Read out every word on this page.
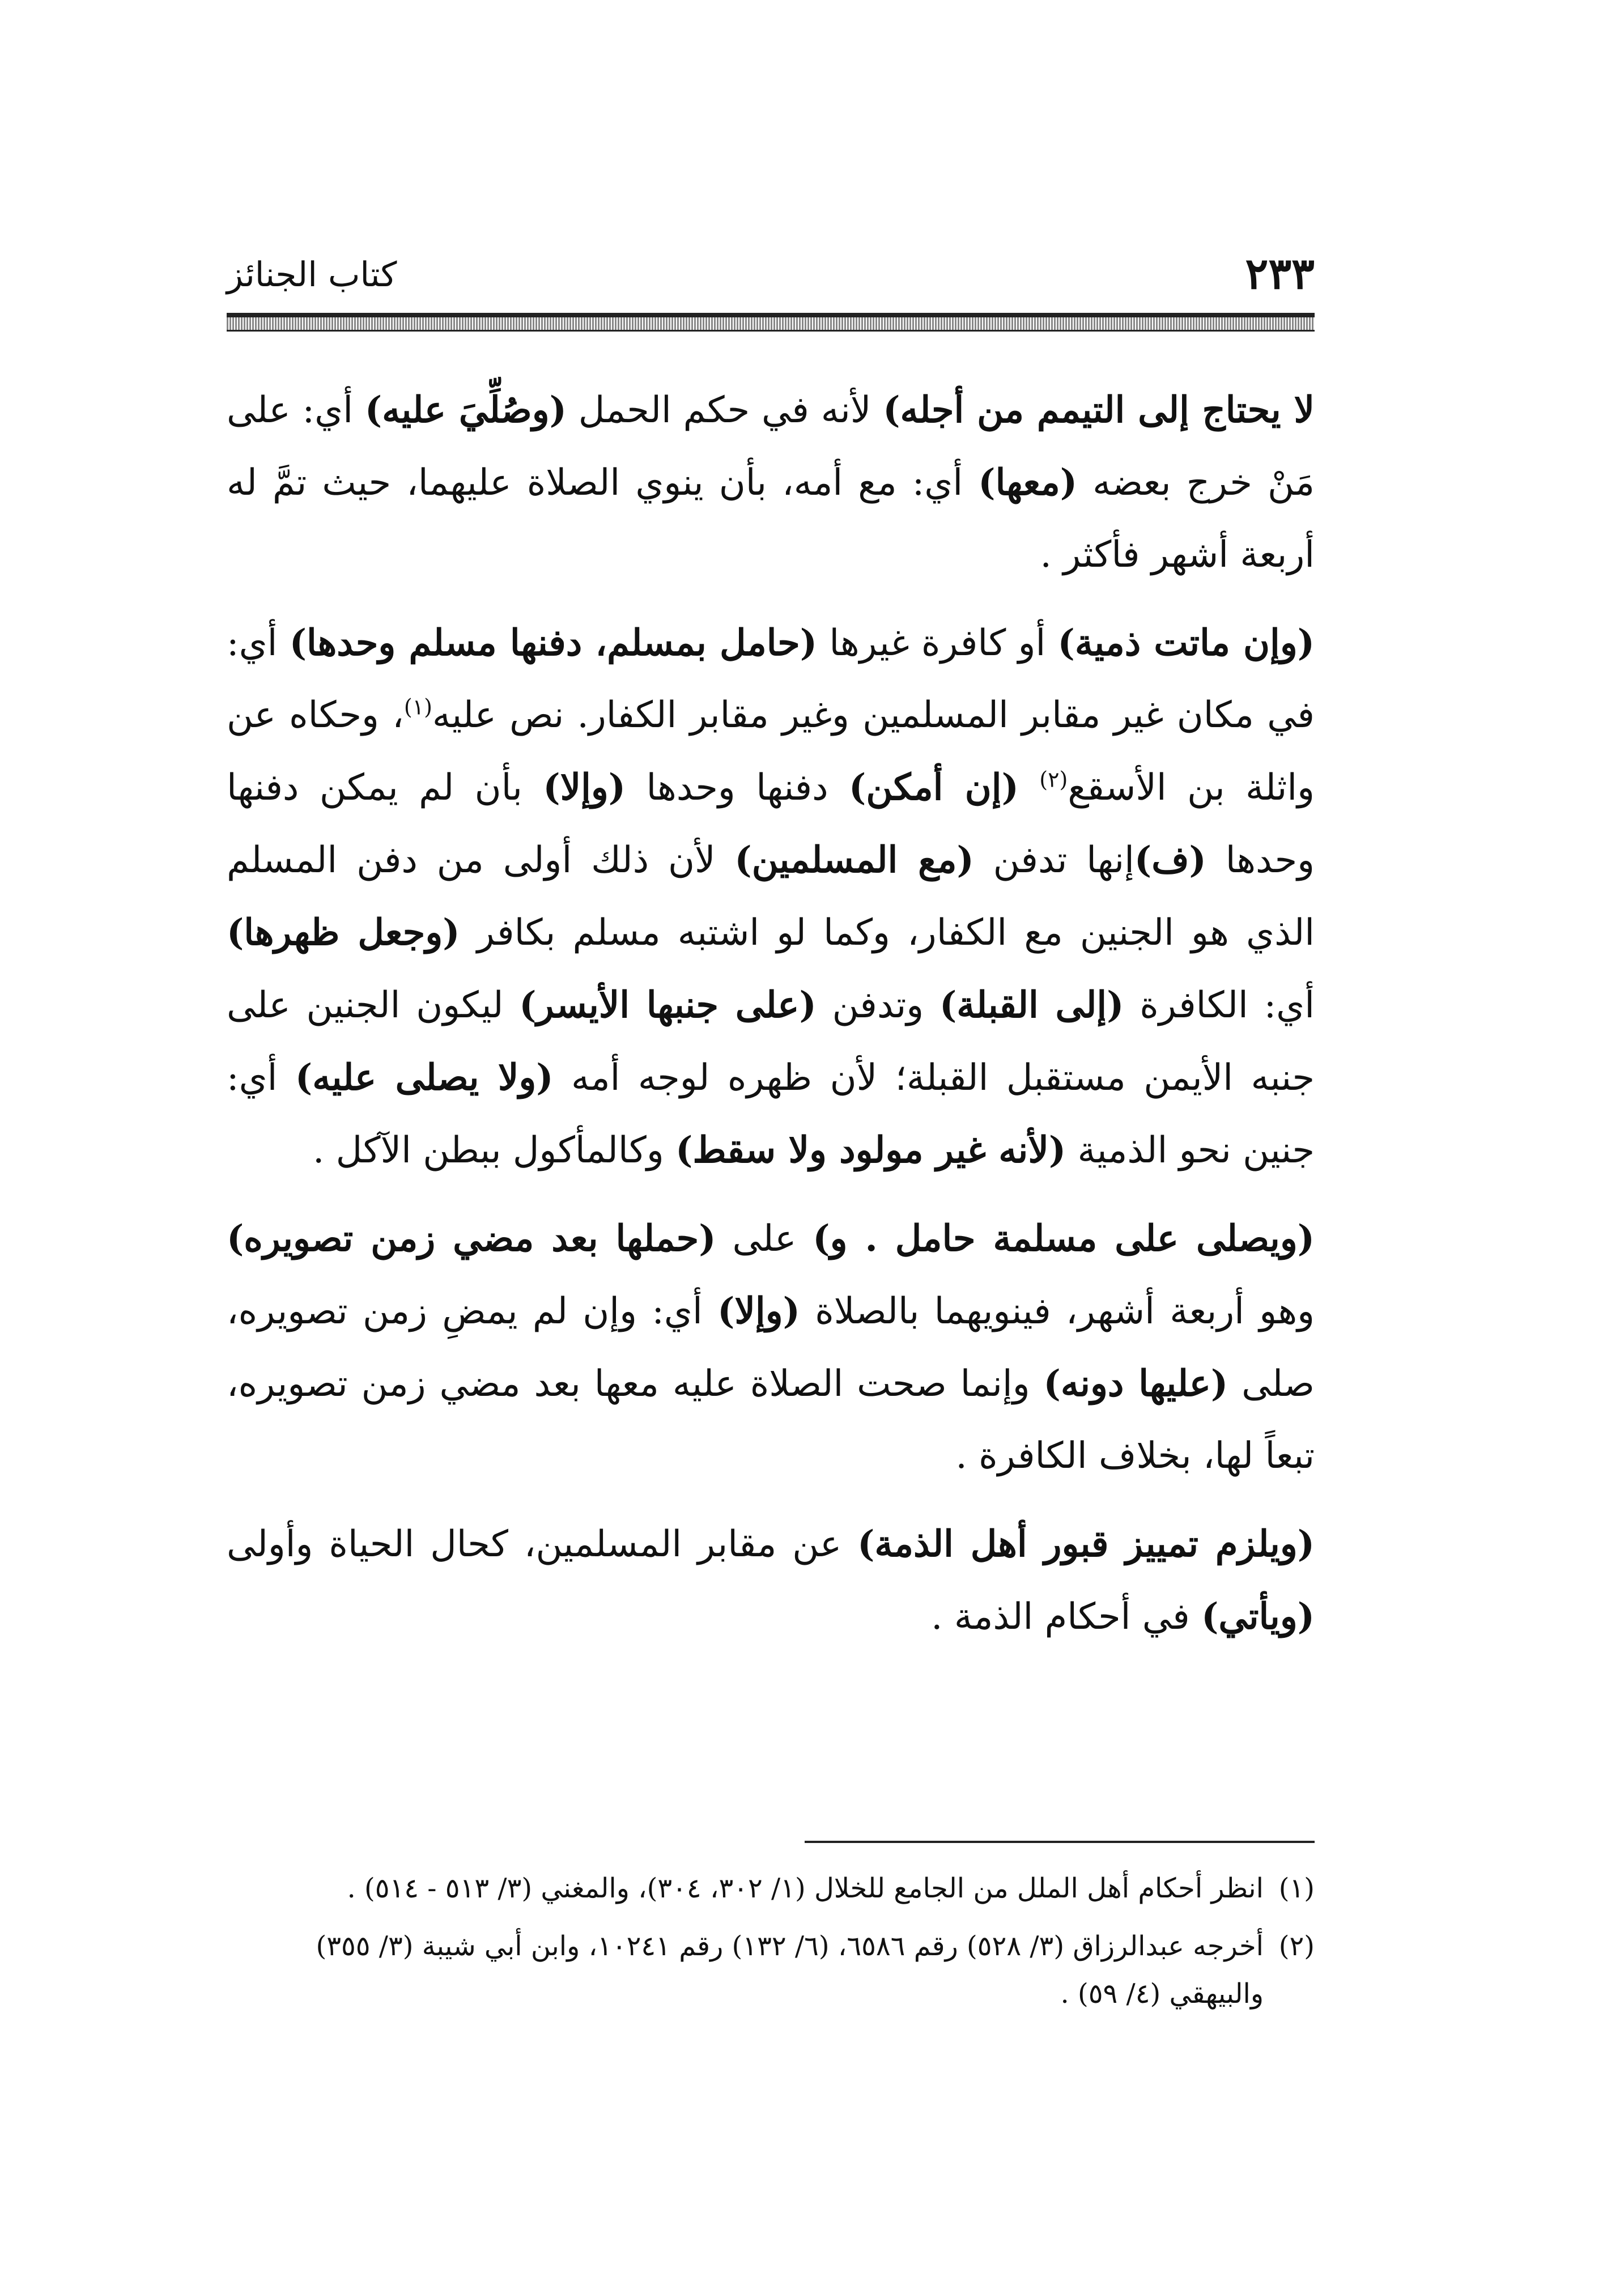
كتاب الجنائز	٢٣٣

لا يحتاج إلى التيمم من أجله) لأنه في حكم الحمل (وصُلِّيَ عليه) أي: على مَنْ خرج بعضه (معها) أي: مع أمه، بأن ينوي الصلاة عليهما، حيث تمَّ له أربعة أشهر فأكثر .

(وإن ماتت ذمية) أو كافرة غيرها (حامل بمسلم، دفنها مسلم وحدها) أي: في مكان غير مقابر المسلمين وغير مقابر الكفار. نص عليه$^{(١)}$، وحكاه عن واثلة بن الأسقع$^{(٢)}$ (إن أمكن) دفنها وحدها (وإلا) بأن لم يمكن دفنها وحدها (ف)إنها تدفن (مع المسلمين) لأن ذلك أولى من دفن المسلم الذي هو الجنين مع الكفار، وكما لو اشتبه مسلم بكافر (وجعل ظهرها) أي: الكافرة (إلى القبلة) وتدفن (على جنبها الأيسر) ليكون الجنين على جنبه الأيمن مستقبل القبلة؛ لأن ظهره لوجه أمه (ولا يصلى عليه) أي: جنين نحو الذمية (لأنه غير مولود ولا سقط) وكالمأكول ببطن الآكل .

(ويصلى على مسلمة حامل . و) على (حملها بعد مضي زمن تصويره) وهو أربعة أشهر، فينويهما بالصلاة (وإلا) أي: وإن لم يمضِ زمن تصويره، صلى (عليها دونه) وإنما صحت الصلاة عليه معها بعد مضي زمن تصويره، تبعاً لها، بخلاف الكافرة .

(ويلزم تمييز قبور أهل الذمة) عن مقابر المسلمين، كحال الحياة وأولى (ويأتي) في أحكام الذمة .

(١)
انظر أحكام أهل الملل من الجامع للخلال (١/ ٣٠٢، ٣٠٤)، والمغني (٣/ ٥١٣ - ٥١٤) .
(٢)
أخرجه عبدالرزاق (٣/ ٥٢٨) رقم ٦٥٨٦، (٦/ ١٣٢) رقم ١٠٢٤١، وابن أبي شيبة (٣/ ٣٥٥) والبيهقي (٤/ ٥٩) .
